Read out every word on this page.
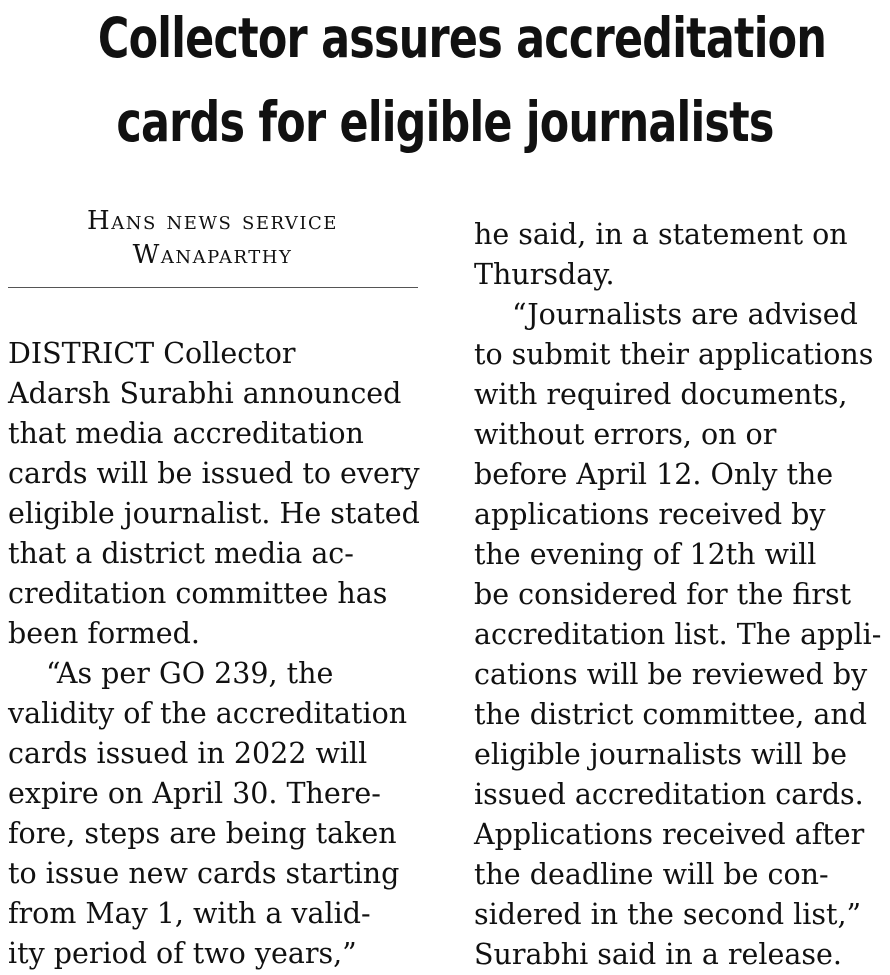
Collector assures accreditation
cards for eligible journalists
Hans news service
Wanaparthy
DISTRICT Collector
Adarsh Surabhi announced
that media accreditation
cards will be issued to every
eligible journalist. He stated
that a district media ac-
creditation committee has
been formed.
“As per GO 239, the
validity of the accreditation
cards issued in 2022 will
expire on April 30. There-
fore, steps are being taken
to issue new cards starting
from May 1, with a valid-
ity period of two years,”
he said, in a statement on
Thursday.
“Journalists are advised
to submit their applications
with required documents,
without errors, on or
before April 12. Only the
applications received by
the evening of 12th will
be considered for the first
accreditation list. The appli-
cations will be reviewed by
the district committee, and
eligible journalists will be
issued accreditation cards.
Applications received after
the deadline will be con-
sidered in the second list,”
Surabhi said in a release.
